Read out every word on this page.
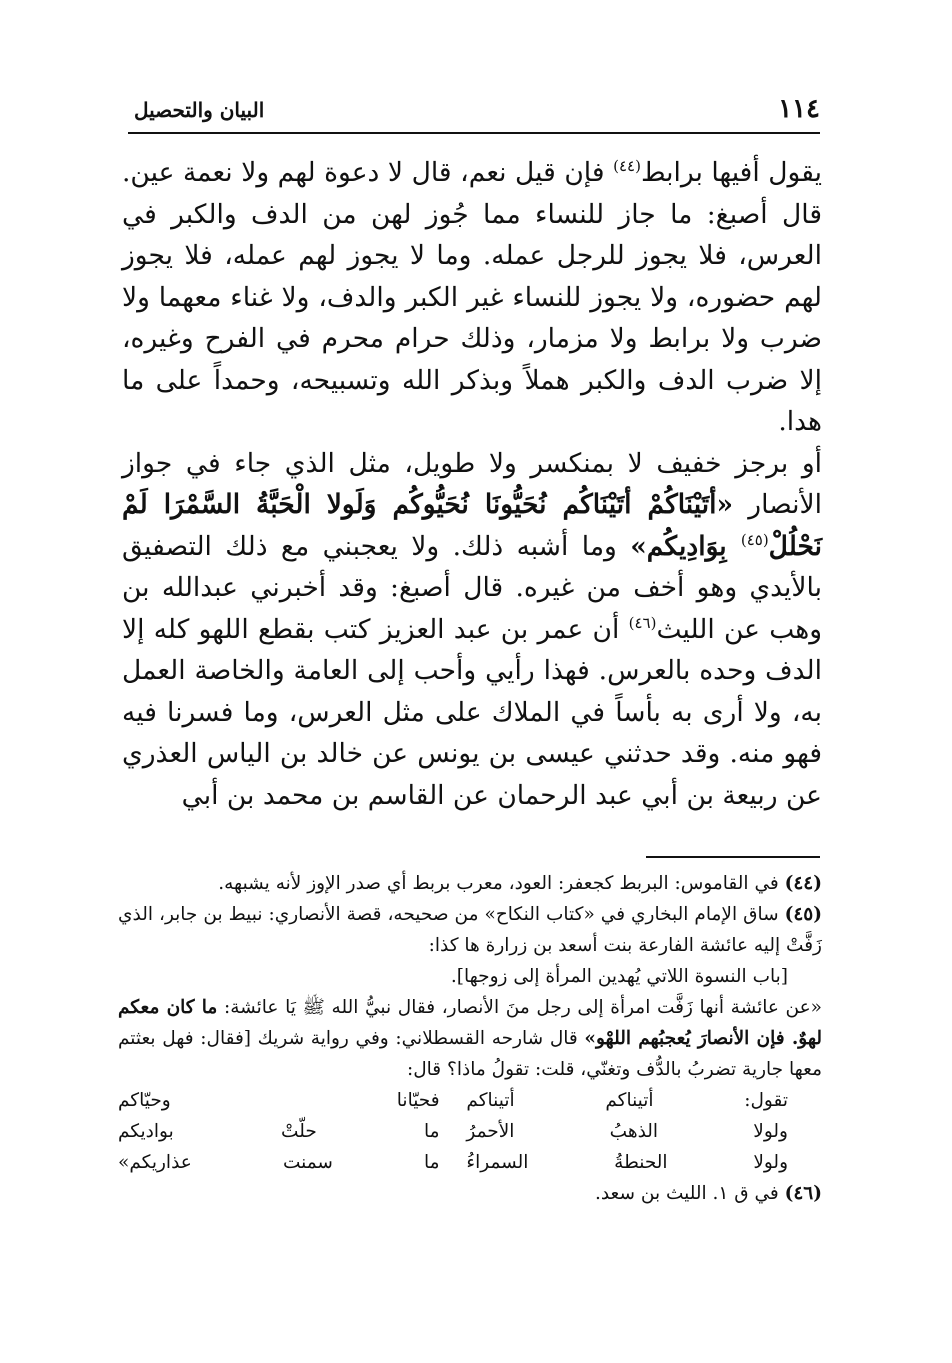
١١٤
البيان والتحصيل

يقول أفيها برابط$^{(٤٤)}$ فإن قيل نعم، قال لا دعوة لهم ولا نعمة عين. قال أصبغ: ما جاز للنساء مما جُوز لهن من الدف والكبر في العرس، فلا يجوز للرجل عمله. وما لا يجوز لهم عمله، فلا يجوز لهم حضوره، ولا يجوز للنساء غير الكبر والدف، ولا غناء معهما ولا ضرب ولا برابط ولا مزمار، وذلك حرام محرم في الفرح وغيره، إلا ضرب الدف والكبر هملاً وبذكر الله وتسبيحه، وحمداً على ما هدا.

أو برجز خفيف لا بمنكسر ولا طويل، مثل الذي جاء في جواز الأنصار «أتَيْنَاكُمْ أتَيْنَاكُم نُحَيُّونَا نُحَيُّوكُم وَلَولا الْحَبَّةُ السَّمْرَا لَمْ نَحْلُلْ$^{(٤٥)}$ بِوَادِيكُم» وما أشبه ذلك. ولا يعجبني مع ذلك التصفيق بالأيدي وهو أخف من غيره. قال أصبغ: وقد أخبرني عبدالله بن وهب عن الليث$^{(٤٦)}$ أن عمر بن عبد العزيز كتب بقطع اللهو كله إلا الدف وحده بالعرس. فهذا رأيي وأحب إلى العامة والخاصة العمل به، ولا أرى به بأساً في الملاك على مثل العرس، وما فسرنا فيه فهو منه. وقد حدثني عيسى بن يونس عن خالد بن الياس العذري عن ربيعة بن أبي عبد الرحمان عن القاسم بن محمد بن أبي

(٤٤) في القاموس: البربط كجعفر: العود، معرب بربط أي صدر الإوز لأنه يشبهه.

(٤٥) ساق الإمام البخاري في «كتاب النكاح» من صحيحه، قصة الأنصاري: نبيط بن جابر، الذي زَفَّتْ إليه عائشة الفارعة بنت أسعد بن زرارة ها كذا:

[باب النسوة اللاتي يُهدين المرأة إلى زوجها].

«عن عائشة أنها زَفَّت امرأة إلى رجل منَ الأنصار، فقال نبيُّ الله ﷺ يَا عائشة: ما كان معكم لهوٌ. فإن الأنصارَ يُعجبُهم اللهْو» قال شارحه القسطلاني: وفي رواية شريك [فقال: فهل بعثتم معها جارية تضربُ بالدُّف وتغنّي، قلت: تقولُ ماذا؟ قال:

تقول: أتيناكم أتيناكم
فحيّانا وحيّاكم
ولولا الذهبُ الأحمرُ
ما حلّتْ بواديكم
ولولا الحنطةُ السمراءُ
ما سمنت عذاريكم»

(٤٦) في ق ١. الليث بن سعد.
